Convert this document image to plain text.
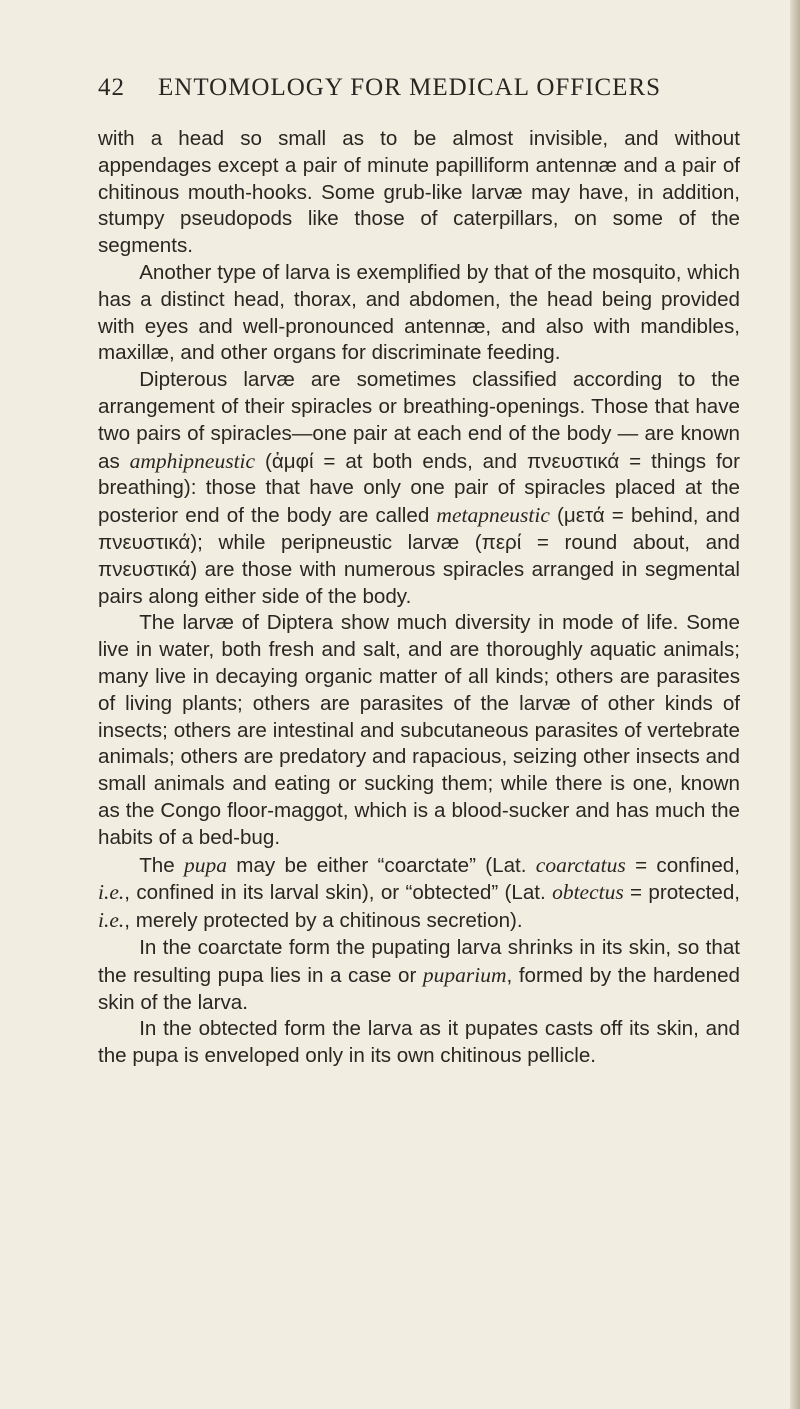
42 ENTOMOLOGY FOR MEDICAL OFFICERS

with a head so small as to be almost invisible, and without appendages except a pair of minute papilliform antennæ and a pair of chitinous mouth-hooks. Some grub-like larvæ may have, in addition, stumpy pseudopods like those of caterpillars, on some of the segments.

Another type of larva is exemplified by that of the mosquito, which has a distinct head, thorax, and abdomen, the head being provided with eyes and well-pronounced antennæ, and also with mandibles, maxillæ, and other organs for discriminate feeding.

Dipterous larvæ are sometimes classified according to the arrangement of their spiracles or breathing-openings. Those that have two pairs of spiracles—one pair at each end of the body — are known as amphipneustic (ἀμφί = at both ends, and πνευστικά = things for breathing): those that have only one pair of spiracles placed at the posterior end of the body are called metapneustic (μετά = behind, and πνευστικά); while peripneustic larvæ (περί = round about, and πνευστικά) are those with numerous spiracles arranged in segmental pairs along either side of the body.

The larvæ of Diptera show much diversity in mode of life. Some live in water, both fresh and salt, and are thoroughly aquatic animals; many live in decaying organic matter of all kinds; others are parasites of living plants; others are parasites of the larvæ of other kinds of insects; others are intestinal and subcutaneous parasites of vertebrate animals; others are predatory and rapacious, seizing other insects and small animals and eating or sucking them; while there is one, known as the Congo floor-maggot, which is a blood-sucker and has much the habits of a bed-bug.

The pupa may be either “coarctate” (Lat. coarctatus = confined, i.e., confined in its larval skin), or “obtected” (Lat. obtectus = protected, i.e., merely protected by a chitinous secretion).

In the coarctate form the pupating larva shrinks in its skin, so that the resulting pupa lies in a case or puparium, formed by the hardened skin of the larva.

In the obtected form the larva as it pupates casts off its skin, and the pupa is enveloped only in its own chitinous pellicle.
